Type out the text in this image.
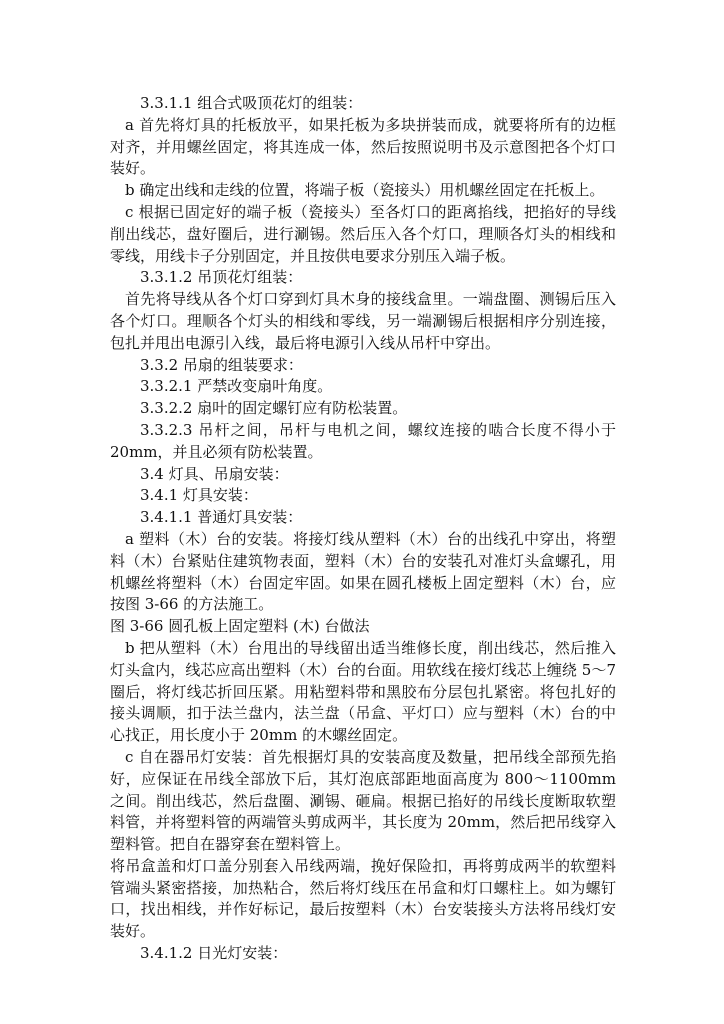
3.3.1.1 组合式吸顶花灯的组装：

a 首先将灯具的托板放平，如果托板为多块拼装而成，就要将所有的边框对齐，并用螺丝固定，将其连成一体，然后按照说明书及示意图把各个灯口装好。

b 确定出线和走线的位置，将端子板（瓷接头）用机螺丝固定在托板上。

c 根据已固定好的端子板（瓷接头）至各灯口的距离掐线，把掐好的导线削出线芯，盘好圈后，进行涮锡。然后压入各个灯口，理顺各灯头的相线和零线，用线卡子分别固定，并且按供电要求分别压入端子板。

3.3.1.2 吊顶花灯组装：

首先将导线从各个灯口穿到灯具木身的接线盒里。一端盘圈、测锡后压入各个灯口。理顺各个灯头的相线和零线，另一端涮锡后根据相序分别连接，包扎并甩出电源引入线，最后将电源引入线从吊杆中穿出。

3.3.2 吊扇的组装要求：

3.3.2.1 严禁改变扇叶角度。

3.3.2.2 扇叶的固定螺钉应有防松装置。

3.3.2.3 吊杆之间，吊杆与电机之间，螺纹连接的啮合长度不得小于 20mm，并且必须有防松装置。

3.4 灯具、吊扇安装：

3.4.1 灯具安装：

3.4.1.1 普通灯具安装：

a 塑料（木）台的安装。将接灯线从塑料（木）台的出线孔中穿出，将塑料（木）台紧贴住建筑物表面，塑料（木）台的安装孔对准灯头盒螺孔，用机螺丝将塑料（木）台固定牢固。如果在圆孔楼板上固定塑料（木）台，应按图 3-66 的方法施工。

图 3-66 圆孔板上固定塑料 (木) 台做法

b 把从塑料（木）台甩出的导线留出适当维修长度，削出线芯，然后推入灯头盒内，线芯应高出塑料（木）台的台面。用软线在接灯线芯上缠绕 5～7 圈后，将灯线芯折回压紧。用粘塑料带和黑胶布分层包扎紧密。将包扎好的接头调顺，扣于法兰盘内，法兰盘（吊盒、平灯口）应与塑料（木）台的中心找正，用长度小于 20mm 的木螺丝固定。

c 自在器吊灯安装：首先根据灯具的安装高度及数量，把吊线全部预先掐好，应保证在吊线全部放下后，其灯泡底部距地面高度为 800～1100mm 之间。削出线芯，然后盘圈、涮锡、砸扁。根据已掐好的吊线长度断取软塑料管，并将塑料管的两端管头剪成两半，其长度为 20mm，然后把吊线穿入塑料管。把自在器穿套在塑料管上。

将吊盒盖和灯口盖分别套入吊线两端，挽好保险扣，再将剪成两半的软塑料管端头紧密搭接，加热粘合，然后将灯线压在吊盒和灯口螺柱上。如为螺钉口，找出相线，并作好标记，最后按塑料（木）台安装接头方法将吊线灯安装好。

3.4.1.2 日光灯安装：
